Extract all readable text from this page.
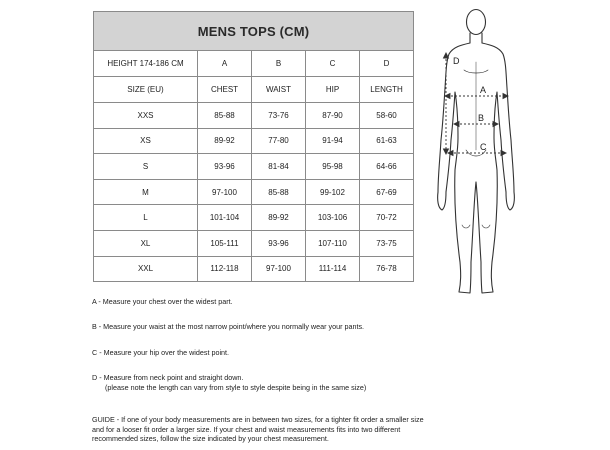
MENS TOPS (CM)				
HEIGHT 174-186 CM	A	B	C	D
SIZE (EU)	CHEST	WAIST	HIP	LENGTH
XXS	85-88	73-76	87-90	58-60
XS	89-92	77-80	91-94	61-63
S	93-96	81-84	95-98	64-66
M	97-100	85-88	99-102	67-69
L	101-104	89-92	103-106	70-72
XL	105-111	93-96	107-110	73-75
XXL	112-118	97-100	111-114	76-78
D
A
B
C
A - Measure your chest over the widest part.
B - Measure your waist at the most narrow point/where you normally wear your pants.
C - Measure your hip over the widest point.
D - Measure from neck point and straight down.
(please note the length can vary from style to style despite being in the same size)
GUIDE - If one of your body measurements are in between two sizes, for a tighter fit order a smaller size
and for a looser fit order a larger size. If your chest and waist measurements fits into two different
recommended sizes, follow the size indicated by your chest measurement.
